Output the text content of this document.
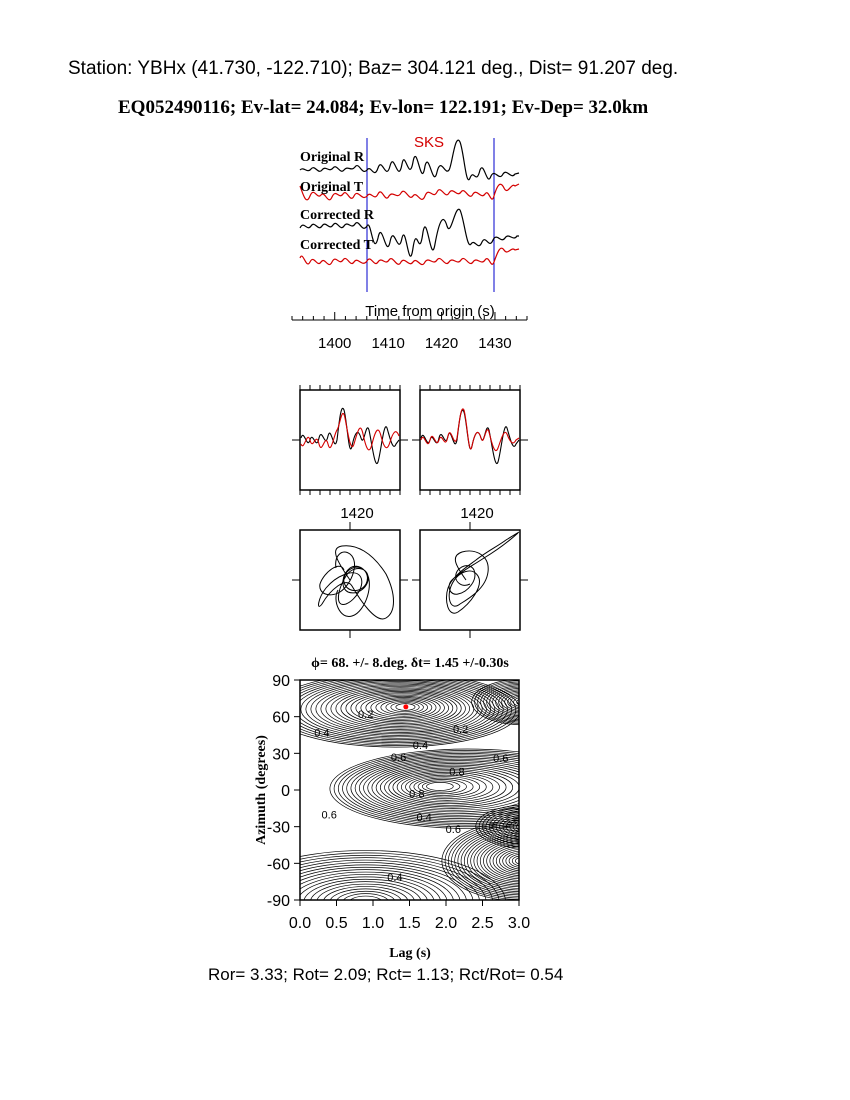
Station: YBHx (41.730, -122.710); Baz= 304.121 deg., Dist= 91.207 deg.
EQ052490116; Ev-lat= 24.084; Ev-lon= 122.191; Ev-Dep= 32.0km
SKS
Original R
Original T
Corrected R
Corrected T
1400 1410 1420 1430
Time from origin (s)
1420	1420
ϕ= 68. +/- 8.deg. δt= 1.45 +/-0.30s
0.2
0.2
0.4
0.4
0.6	0.6
0.8
0.8
0.6	0.4
0.6
0.4
0.0 0.5 1.0 1.5 2.0 2.5 3.0
90
60
30
0
-30
-60
-90
Lag (s)
Azimuth (degrees)
Ror= 3.33; Rot= 2.09; Rct= 1.13; Rct/Rot= 0.54
